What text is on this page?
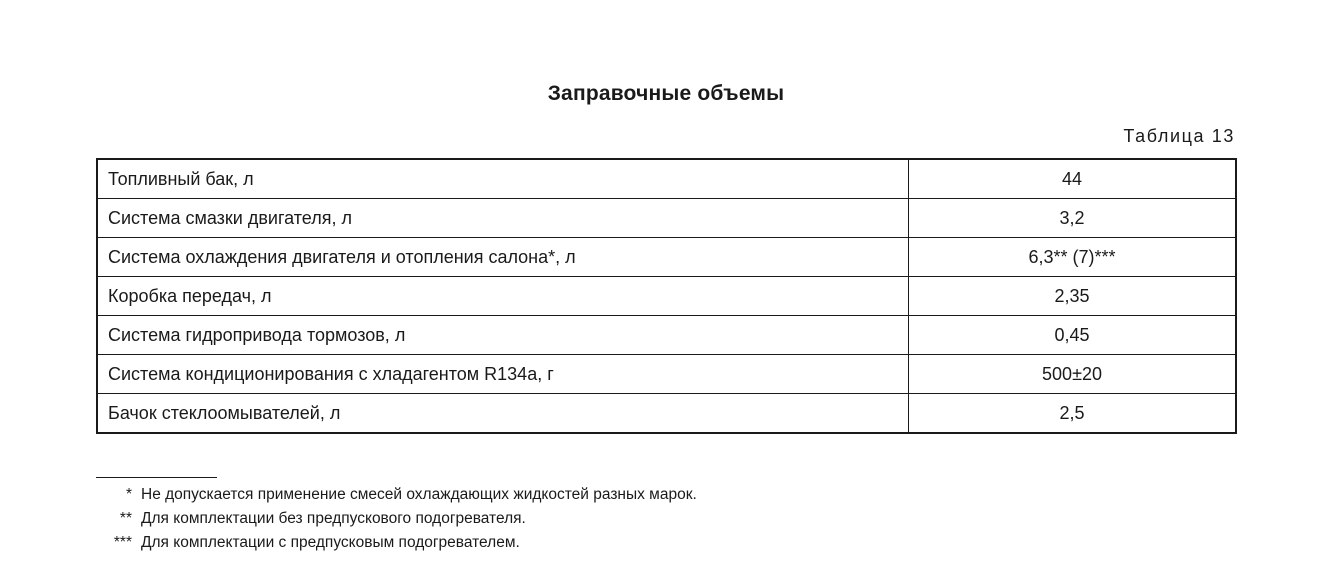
Заправочные объемы
Таблица 13
Топливный бак, л	44
Система смазки двигателя, л	3,2
Система охлаждения двигателя и отопления салона*, л	6,3** (7)***
Коробка передач, л	2,35
Система гидропривода тормозов, л	0,45
Система кондиционирования с хладагентом R134a, г	500±20
Бачок стеклоомывателей, л	2,5
* Не допускается применение смесей охлаждающих жидкостей разных марок.
** Для комплектации без предпускового подогревателя.
*** Для комплектации с предпусковым подогревателем.
